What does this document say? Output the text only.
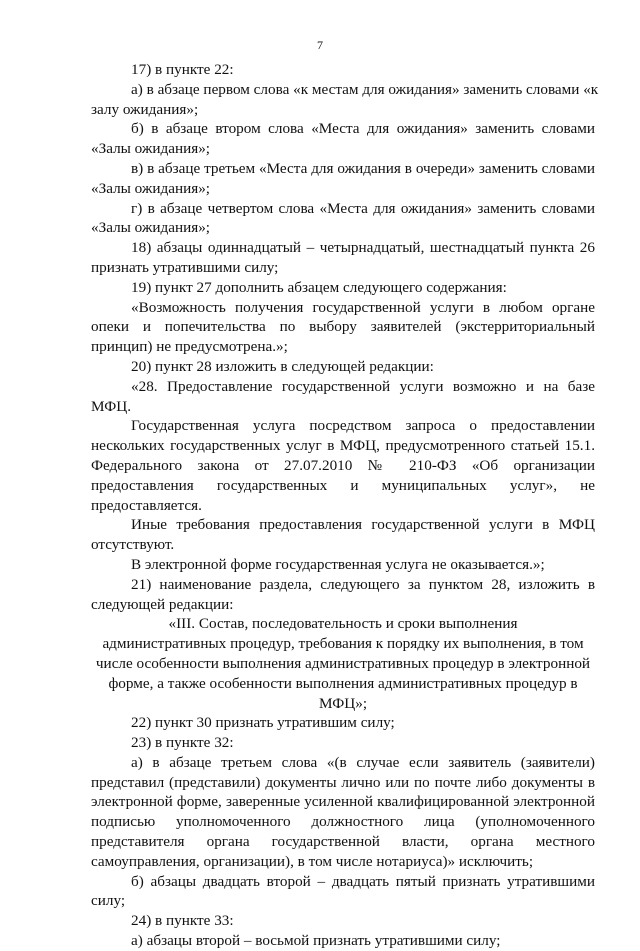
7
17) в пункте 22:
а) в абзаце первом слова «к местам для ожидания» заменить словами «к
залу ожидания»;
б) в абзаце втором слова «Места для ожидания» заменить словами
«Залы ожидания»;
в) в абзаце третьем «Места для ожидания в очереди» заменить словами
«Залы ожидания»;
г) в абзаце четвертом слова «Места для ожидания» заменить словами
«Залы ожидания»;
18) абзацы одиннадцатый – четырнадцатый, шестнадцатый пункта 26
признать утратившими силу;
19) пункт 27 дополнить абзацем следующего содержания:
«Возможность получения государственной услуги в любом органе
опеки и попечительства по выбору заявителей (экстерриториальный
принцип) не предусмотрена.»;
20) пункт 28 изложить в следующей редакции:
«28. Предоставление государственной услуги возможно и на базе
МФЦ.
Государственная услуга посредством запроса о предоставлении
нескольких государственных услуг в МФЦ, предусмотренного статьей 15.1.
Федерального закона от 27.07.2010 № 210-ФЗ «Об организации
предоставления государственных и муниципальных услуг», не
предоставляется.
Иные требования предоставления государственной услуги в МФЦ
отсутствуют.
В электронной форме государственная услуга не оказывается.»;
21) наименование раздела, следующего за пунктом 28, изложить в
следующей редакции:
«III. Состав, последовательность и сроки выполнения
административных процедур, требования к порядку их выполнения, в том
числе особенности выполнения административных процедур в электронной
форме, а также особенности выполнения административных процедур в
МФЦ»;
22) пункт 30 признать утратившим силу;
23) в пункте 32:
а) в абзаце третьем слова «(в случае если заявитель (заявители)
представил (представили) документы лично или по почте либо документы в
электронной форме, заверенные усиленной квалифицированной электронной
подписью уполномоченного должностного лица (уполномоченного
представителя органа государственной власти, органа местного
самоуправления, организации), в том числе нотариуса)» исключить;
б) абзацы двадцать второй – двадцать пятый признать утратившими
силу;
24) в пункте 33:
а) абзацы второй – восьмой признать утратившими силу;
